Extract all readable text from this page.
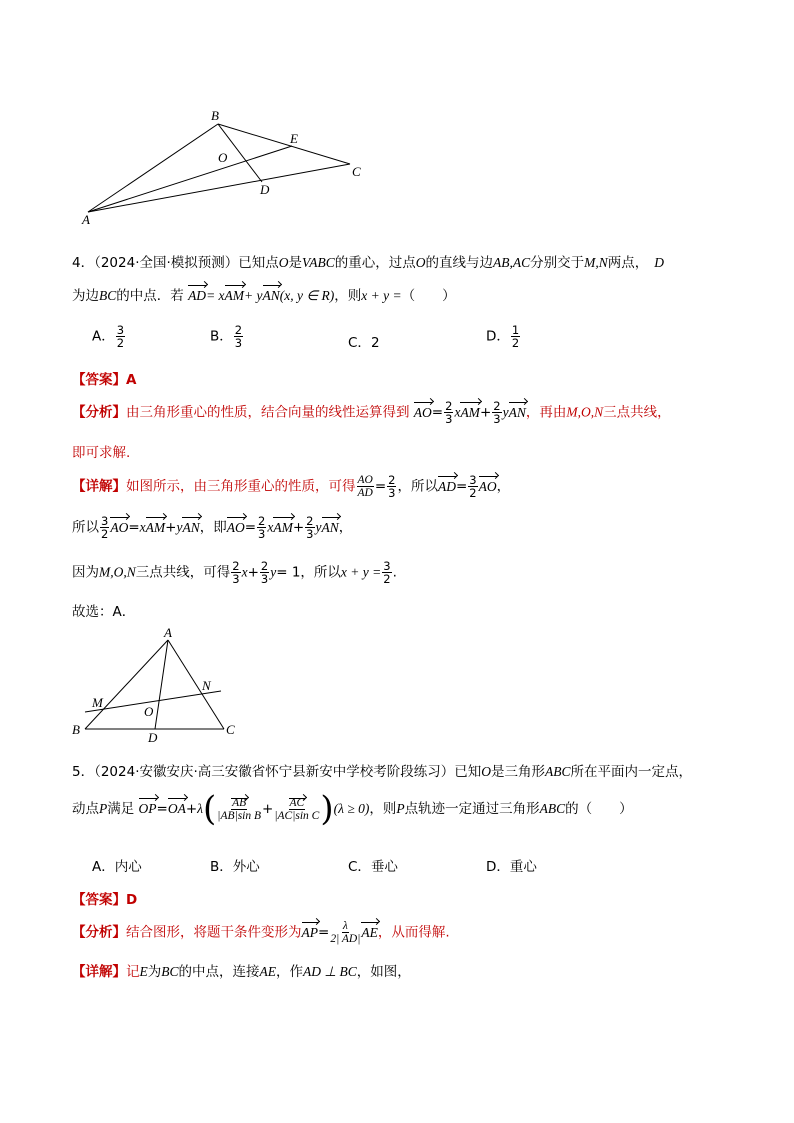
B
E
O
C
D
A
4．（2024·全国·模拟预测）已知点O是VABC的重心，过点O的直线与边AB,AC分别交于M,N两点， D
为边BC的中点．若 AD= xAM+ yAN(x, y ∈ R)，则x + y =（　　）
A． $\frac{3}{2}$	B． $\frac{2}{3}$	C．2	D． $\frac{1}{2}$
【答案】A
【分析】由三角形重心的性质，结合向量的线性运算得到 $AO= \frac{2}{3} xAM+ \frac{2}{3}$ yAN，再由M,O,N三点共线，
即可求解.
【详解】如图所示，由三角形重心的性质，可得 $\frac{AO}{AD} = \frac{2}{3}$ ，所以$AD= \frac{3}{2}$ AO，
所以 $\frac{3}{2} AO=xAM+yAN$，即$AO= \frac{2}{3} xAM+ \frac{2}{3}$ yAN，
因为M,O,N三点共线，可得 $\frac{2}{3} x+ \frac{2}{3} y= 1$，所以$x + y = \frac{3}{2}$ .
故选：A．
A
M
N
O
B
D
C
5．（2024·安徽安庆·高三安徽省怀宁县新安中学校考阶段练习）已知O是三角形ABC所在平面内一定点，
动点P满足 $OP=OA+\lambda( \frac{AB}{\text{|AB|sin B}} + \frac{AC}{\text{|AC|sin C}} )(\lambda \ge 0)$，则P点轨迹一定通过三角形ABC的（　　）
A．内心	B．外心	C．垂心	D．重心
【答案】D
【分析】结合图形，将题干条件变形为$AP= \frac{\lambda}{2| AD|}$ AE，从而得解.
【详解】记E为BC的中点，连接AE，作AD ⊥ BC，如图，
